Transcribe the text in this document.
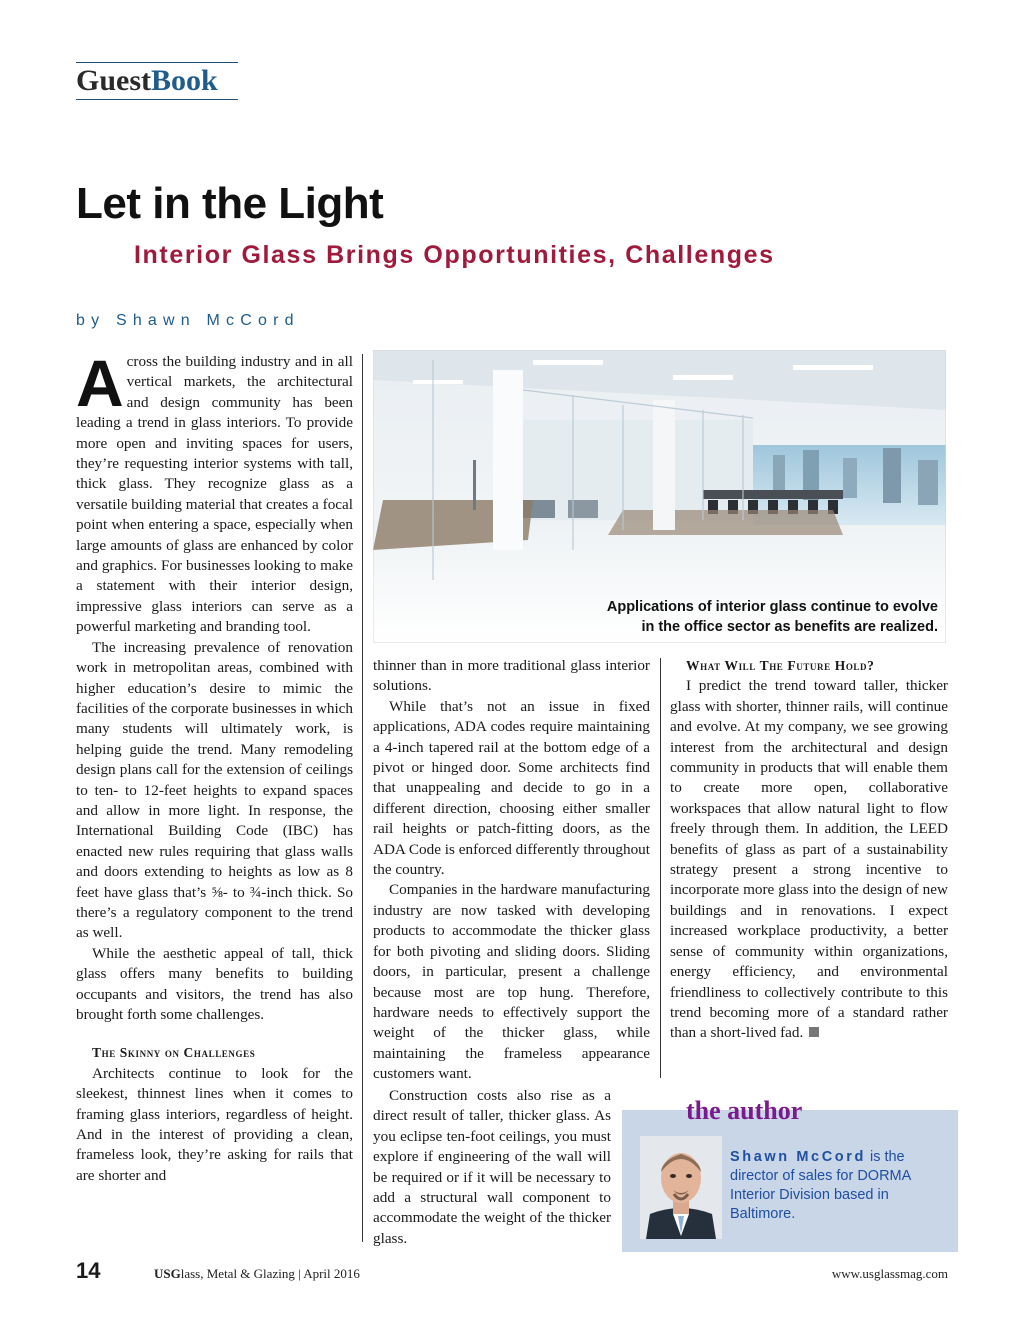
GuestBook
Let in the Light
Interior Glass Brings Opportunities, Challenges
by Shawn McCord

Across the building industry and in all vertical markets, the architectural and design community has been leading a trend in glass interiors. To provide more open and inviting spaces for users, they’re requesting interior systems with tall, thick glass. They recognize glass as a versatile building material that creates a focal point when entering a space, especially when large amounts of glass are enhanced by color and graphics. For businesses looking to make a statement with their interior design, impressive glass interiors can serve as a powerful marketing and branding tool.

The increasing prevalence of renovation work in metropolitan areas, combined with higher education’s desire to mimic the facilities of the corporate businesses in which many students will ultimately work, is helping guide the trend. Many remodeling design plans call for the extension of ceilings to ten- to 12-feet heights to expand spaces and allow in more light. In response, the International Building Code (IBC) has enacted new rules requiring that glass walls and doors extending to heights as low as 8 feet have glass that’s ⅝- to ¾-inch thick. So there’s a regulatory component to the trend as well.

While the aesthetic appeal of tall, thick glass offers many benefits to building occupants and visitors, the trend has also brought forth some challenges.

The Skinny on Challenges

Architects continue to look for the sleekest, thinnest lines when it comes to framing glass interiors, regardless of height. And in the interest of providing a clean, frameless look, they’re asking for rails that are shorter and

Applications of interior glass continue to evolve
in the office sector as benefits are realized.

thinner than in more traditional glass interior solutions.

While that’s not an issue in fixed applications, ADA codes require maintaining a 4-inch tapered rail at the bottom edge of a pivot or hinged door. Some architects find that unappealing and decide to go in a different direction, choosing either smaller rail heights or patch-fitting doors, as the ADA Code is enforced differently throughout the country.

Companies in the hardware manufacturing industry are now tasked with developing products to accommodate the thicker glass for both pivoting and sliding doors. Sliding doors, in particular, present a challenge because most are top hung. Therefore, hardware needs to effectively support the weight of the thicker glass, while maintaining the frameless appearance customers want.

Construction costs also rise as a direct result of taller, thicker glass. As you eclipse ten-foot ceilings, you must explore if engineering of the wall will be required or if it will be necessary to add a structural wall component to accommodate the weight of the thicker glass.

What Will The Future Hold?

I predict the trend toward taller, thicker glass with shorter, thinner rails, will continue and evolve. At my company, we see growing interest from the architectural and design community in products that will enable them to create more open, collaborative workspaces that allow natural light to flow freely through them. In addition, the LEED benefits of glass as part of a sustainability strategy present a strong incentive to incorporate more glass into the design of new buildings and in renovations. I expect increased workplace productivity, a better sense of community within organizations, energy efficiency, and environmental friendliness to collectively contribute to this trend becoming more of a standard rather than a short-lived fad.

the author
Shawn McCord is the director of sales for DORMA Interior Division based in Baltimore.
14	USGlass, Metal & Glazing | April 2016	www.usglassmag.com
